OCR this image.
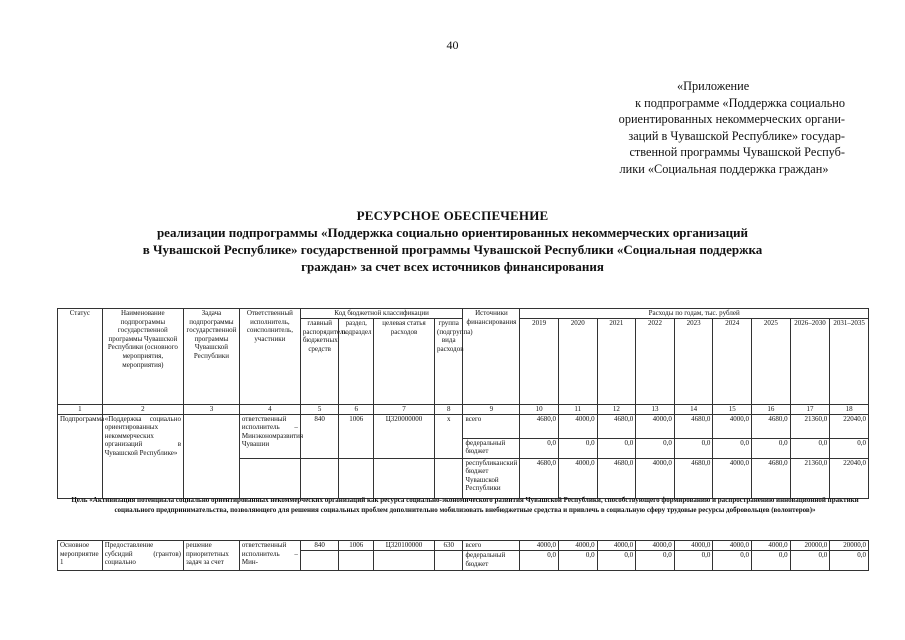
40
«Приложение
к подпрограмме «Поддержка социально
ориентированных некоммерческих органи-
заций в Чувашской Республике» государ-
ственной программы Чувашской Респуб-
лики «Социальная поддержка граждан»
РЕСУРСНОЕ ОБЕСПЕЧЕНИЕ
реализации подпрограммы «Поддержка социально ориентированных некоммерческих организаций
в Чувашской Республике» государственной программы Чувашской Республики «Социальная поддержка
граждан» за счет всех источников финансирования
Статус	Наименование подпрограммы государственной программы Чувашской Республики (основного мероприятия, мероприятия)	Задача подпрограммы государственной программы Чувашской Республики	Ответственный исполнитель, соисполнитель, участники	Код бюджетной классификации				Источники финансирования	Расходы по годам, тыс. рублей								
				главный распорядитель бюджетных средств	раздел, подраздел	целевая статья расходов	группа (подгруппа) вида расходов		2019	2020	2021	2022	2023	2024	2025	2026–2030	2031–2035
1	2	3	4	5	6	7	8	9	10	11	12	13	14	15	16	17	18
Подпрограмма	«Поддержка социально ориентированных некоммерческих организаций в Чувашской Республике»		ответственный исполнитель – Минэкономразвития Чувашии	840	1006	Ц320000000	х	всего	4680,0	4000,0	4680,0	4000,0	4680,0	4000,0	4680,0	21360,0	22040,0
								федеральный бюджет	0,0	0,0	0,0	0,0	0,0	0,0	0,0	0,0	0,0
								республиканский бюджет Чувашской Республики	4680,0	4000,0	4680,0	4000,0	4680,0	4000,0	4680,0	21360,0	22040,0
Цель «Активизация потенциала социально ориентированных некоммерческих организаций как ресурса социально-экономического развития Чувашской Республики, способствующего формированию и распространению инновационной практики социального предпринимательства, позволяющего для решения социальных проблем дополнительно мобилизовать внебюджетные средства и привлечь в социальную сферу трудовые ресурсы добровольцев (волонтеров)»
Основное мероприятие 1	Предоставление субсидий (грантов) социально	решение приоритетных задач за счет	ответственный исполнитель – Мин-	840	1006	Ц320100000	630	всего	4000,0	4000,0	4000,0	4000,0	4000,0	4000,0	4000,0	20000,0	20000,0
								федеральный бюджет	0,0	0,0	0,0	0,0	0,0	0,0	0,0	0,0	0,0
